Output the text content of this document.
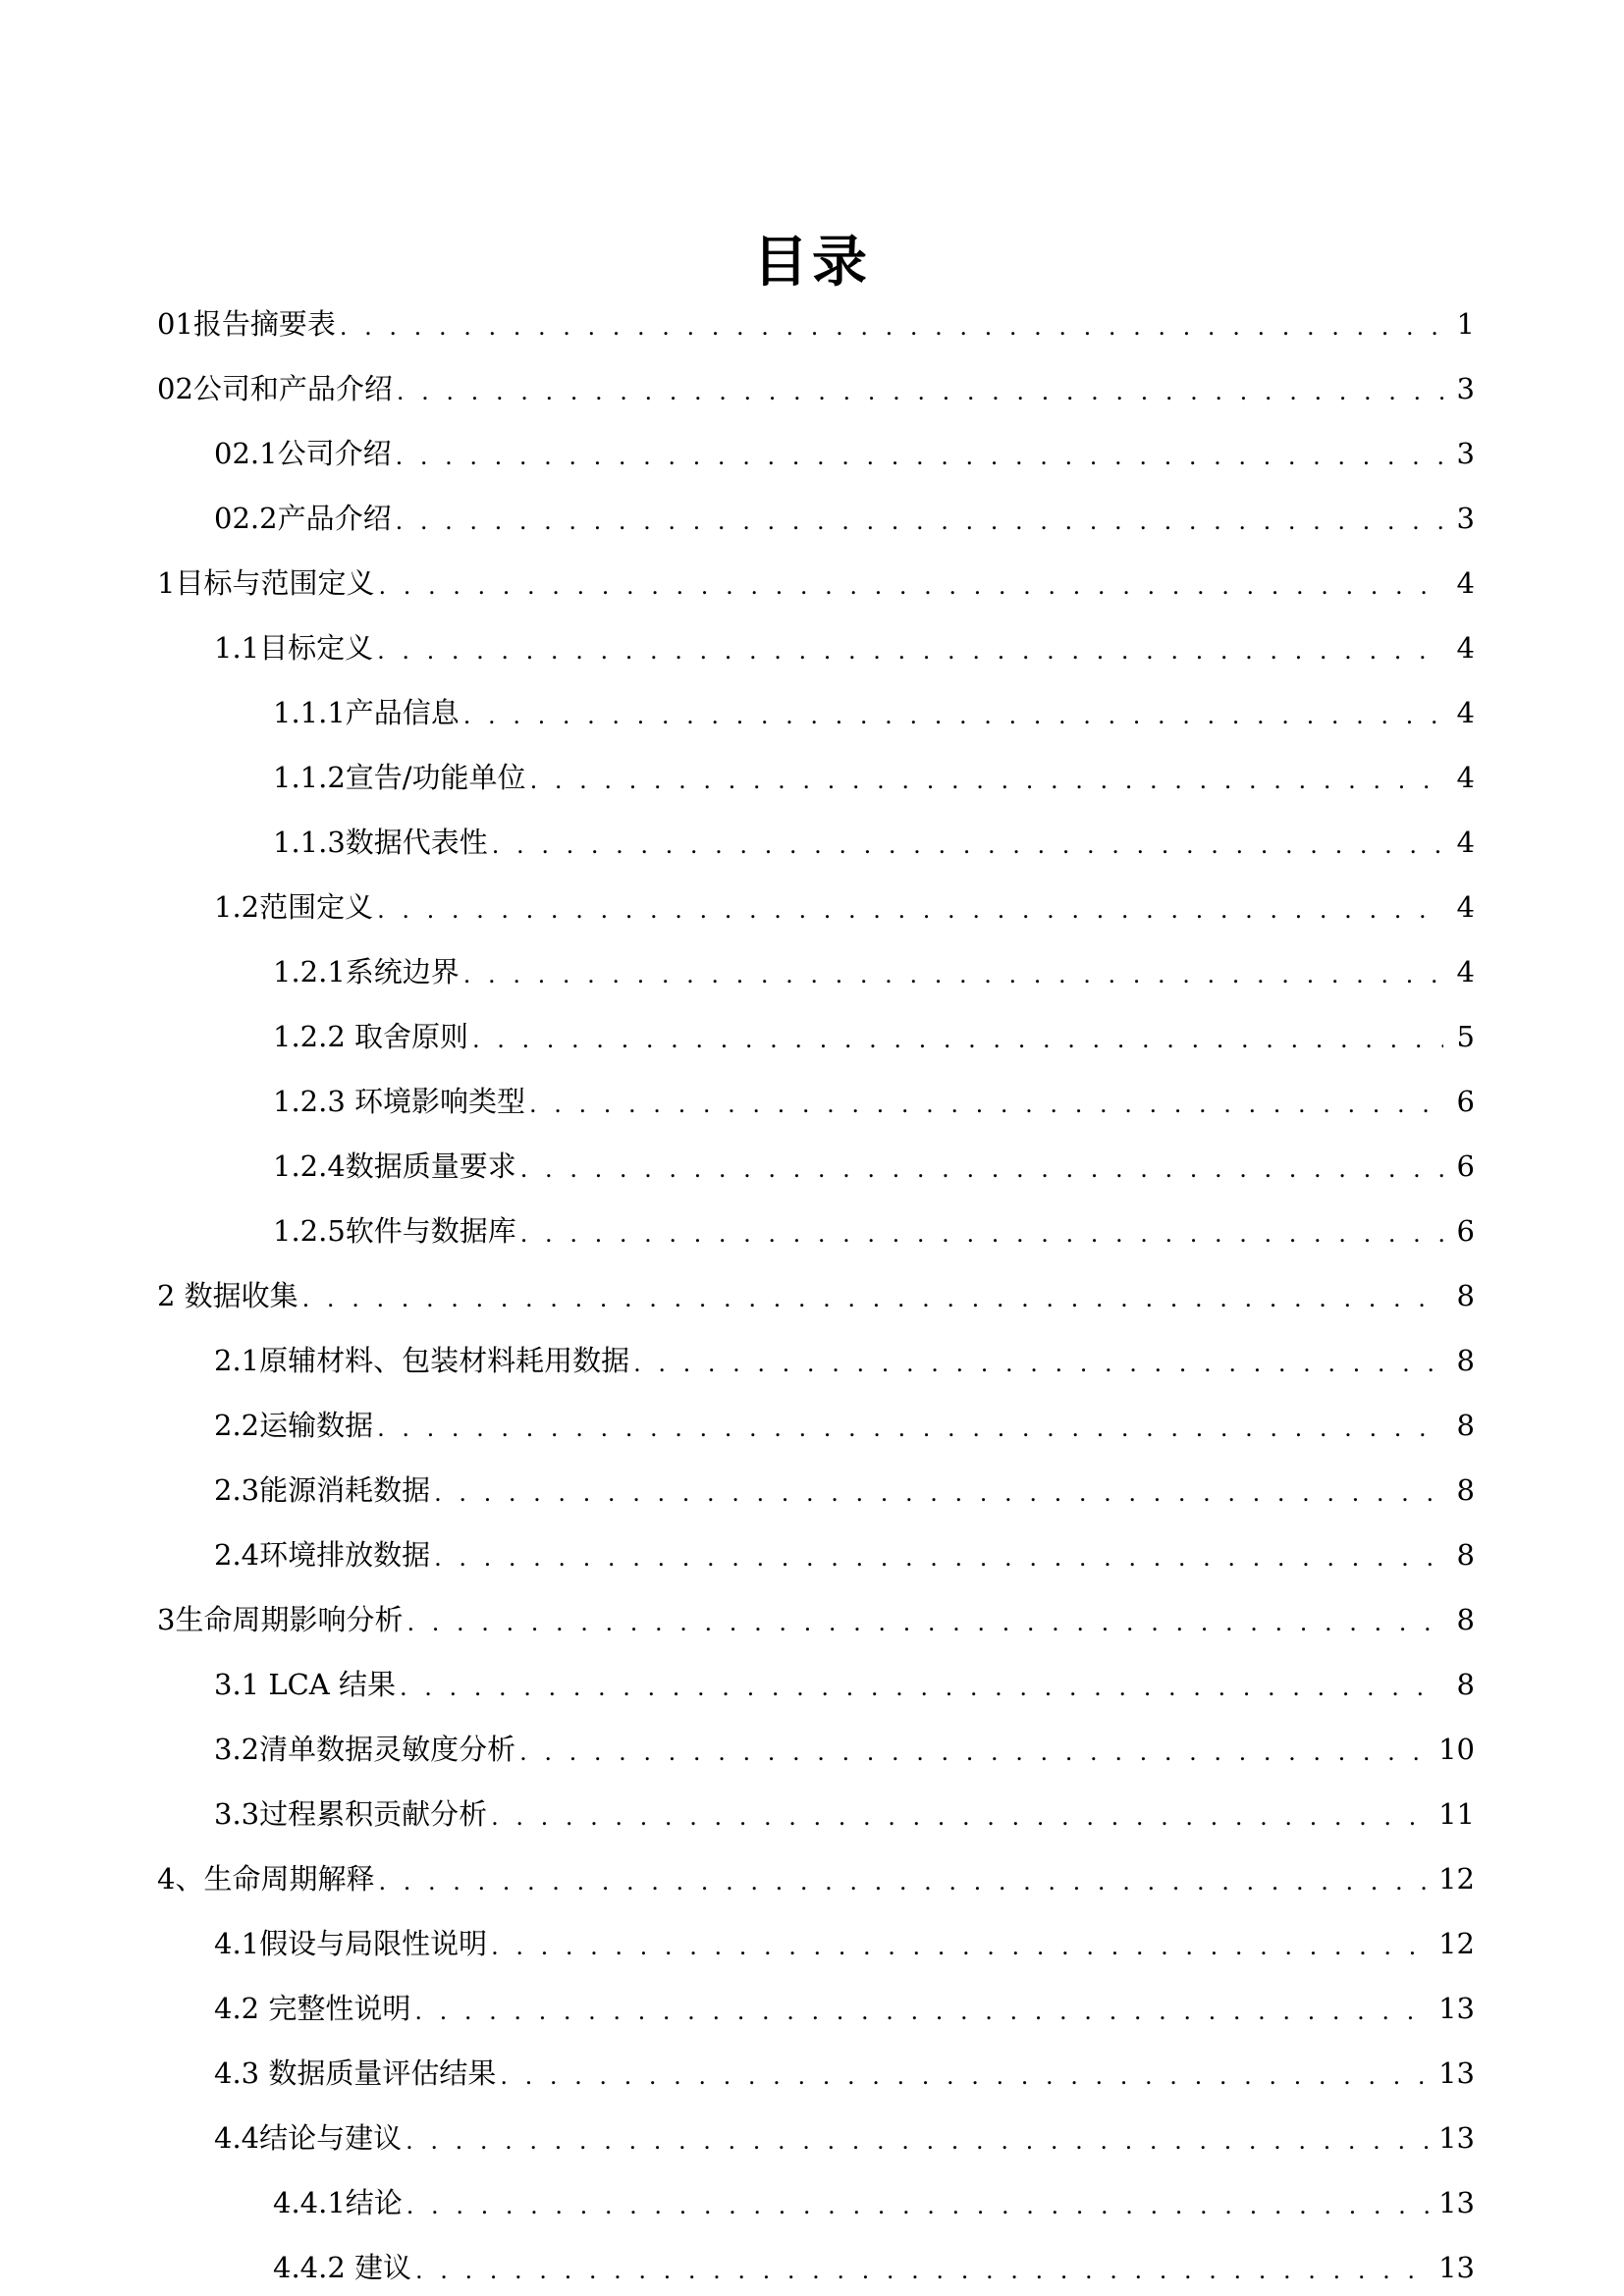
目录
01报告摘要表 . . .	1
02公司和产品介绍 . . .	3
02.1公司介绍 . . .	3
02.2产品介绍 . . .	3
1目标与范围定义 . . .	4
1.1目标定义 . . .	4
1.1.1产品信息 . . .	4
1.1.2宣告/功能单位 . . .	4
1.1.3数据代表性 . . .	4
1.2范围定义 . . .	4
1.2.1系统边界 . . .	4
1.2.2 取舍原则 . . .	5
1.2.3 环境影响类型 . . .	6
1.2.4数据质量要求 . . .	6
1.2.5软件与数据库 . . .	6
2 数据收集 . . .	8
2.1原辅材料、包装材料耗用数据 . . .	8
2.2运输数据 . . .	8
2.3能源消耗数据 . . .	8
2.4环境排放数据 . . .	8
3生命周期影响分析 . . .	8
3.1 LCA 结果 . . .	8
3.2清单数据灵敏度分析 . . .	10
3.3过程累积贡献分析 . . .	11
4、生命周期解释 . . .	12
4.1假设与局限性说明 . . .	12
4.2 完整性说明 . . .	13
4.3 数据质量评估结果 . . .	13
4.4结论与建议 . . .	13
4.4.1结论 . . .	13
4.4.2 建议 . . .	13
